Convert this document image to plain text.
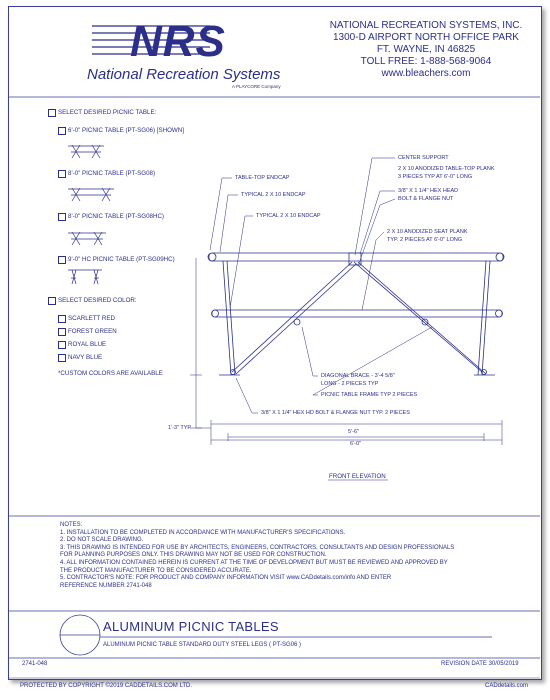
NRS
National Recreation Systems
A PLAYCORE Company
NATIONAL RECREATION SYSTEMS, INC.
1300-D AIRPORT NORTH OFFICE PARK
FT. WAYNE, IN 46825
TOLL FREE: 1-888-568-9064
www.bleachers.com
SELECT DESIRED PICNIC TABLE:
6'-0" PICNIC TABLE (PT-SG06) [SHOWN]
8'-0" PICNIC TABLE (PT-SG08)
8'-0" PICNIC TABLE (PT-SG08HC)
9'-0" HC PICNIC TABLE (PT-SG09HC)
SELECT DESIRED COLOR:
SCARLETT RED
FOREST GREEN
ROYAL BLUE
NAVY BLUE
*CUSTOM COLORS ARE AVAILABLE
CENTER SUPPORT
2 X 10 ANODIZED TABLE-TOP PLANK
3 PIECES TYP AT 6'-0" LONG
3/8" X 1 1/4" HEX HEAD
BOLT & FLANGE NUT
2 X 10 ANODIZED SEAT PLANK
TYP. 2 PIECES AT 6'-0" LONG
TABLE-TOP ENDCAP
TYPICAL 2 X 10 ENDCAP
TYPICAL 2 X 10 ENDCAP
DIAGONAL BRACE - 3'-4 5/8"
LONG - 2 PIECES TYP
PICNIC TABLE FRAME TYP 2 PIECES
3/8" X 1 1/4" HEX HD BOLT & FLANGE NUT TYP. 2 PIECES
1'-3" TYP
5'-6"
6'-0"
FRONT ELEVATION
NOTES:
1. INSTALLATION TO BE COMPLETED IN ACCORDANCE WITH MANUFACTURER'S SPECIFICATIONS.
2. DO NOT SCALE DRAWING.
3. THIS DRAWING IS INTENDED FOR USE BY ARCHITECTS, ENGINEERS, CONTRACTORS, CONSULTANTS AND DESIGN PROFESSIONALS
FOR PLANNING PURPOSES ONLY. THIS DRAWING MAY NOT BE USED FOR CONSTRUCTION.
4. ALL INFORMATION CONTAINED HEREIN IS CURRENT AT THE TIME OF DEVELOPMENT BUT MUST BE REVIEWED AND APPROVED BY
THE PRODUCT MANUFACTURER TO BE CONSIDERED ACCURATE.
5. CONTRACTOR'S NOTE: FOR PRODUCT AND COMPANY INFORMATION VISIT www.CADdetails.com/info AND ENTER
REFERENCE NUMBER 2741-048
ALUMINUM PICNIC TABLES
ALUMINUM PICNIC TABLE STANDARD DUTY STEEL LEGS ( PT-SG06 )
2741-048	REVISION DATE 30/05/2019
PROTECTED BY COPYRIGHT ©2019 CADDETAILS.COM LTD.	CADdetails.com
